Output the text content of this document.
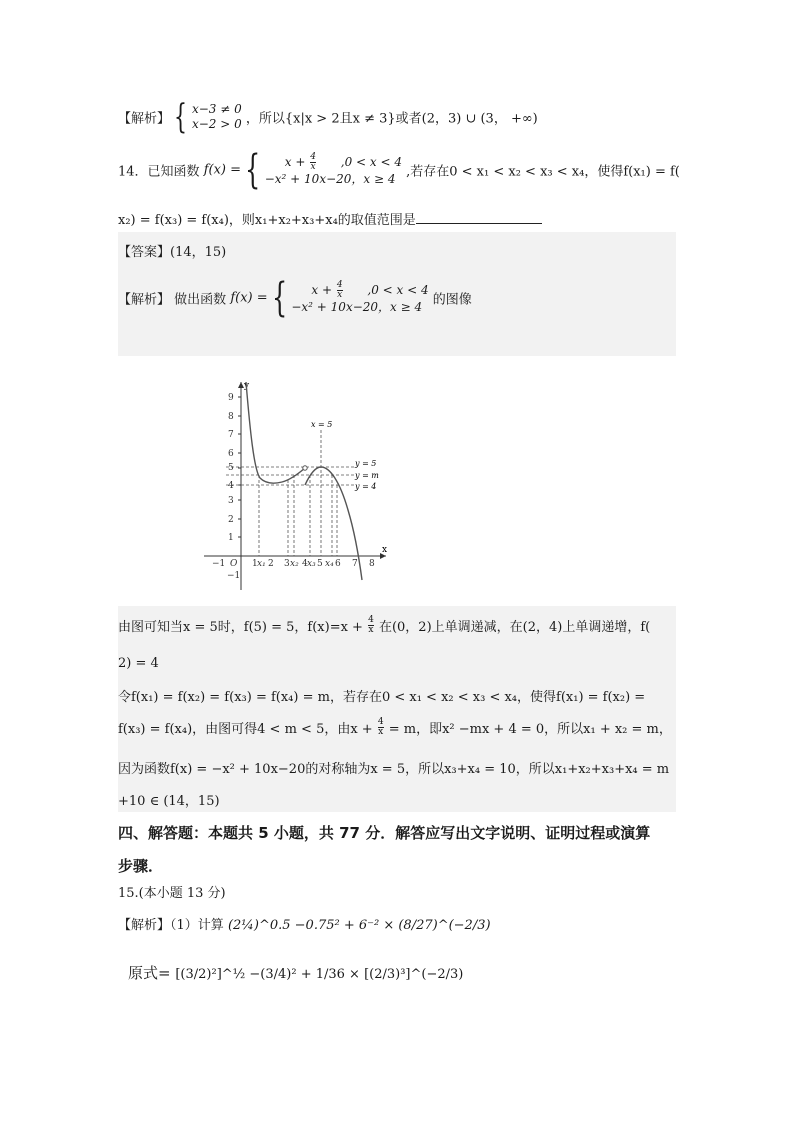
【解析】 { x−3 ≠ 0
x−2 > 0 ，所以{x|x > 2且x ≠ 3}或者(2，3) ∪ (3， +∞)
14．已知函数 f(x) = {	$x + \frac{4}{x} ,0 < x < 4$
−x² + 10x−20，x ≥ 4 ,若存在0 < x₁ < x₂ < x₃ < x₄，使得f(x₁) = f(
x₂) = f(x₃) = f(x₄)，则x₁+x₂+x₃+x₄的取值范围是
【答案】(14，15)
【解析】 做出函数 f(x) = {	$x + \frac{4}{x} ,0 < x < 4$
−x² + 10x−20，x ≥ 4 的图像
x
y
9
8
7
6
5
4
3
2
1
−1
−1 O 1 x₁ 2 3 x₂ 4 x₃ 5 x₄ 6 7 8
y = 5
y = m
y = 4
x = 5
由图可知当x = 5时，f(5) = 5，$f(x)=x + \frac{4}{x}$ 在(0，2)上单调递减，在(2，4)上单调递增，f(
2) = 4
令f(x₁) = f(x₂) = f(x₃) = f(x₄) = m，若存在0 < x₁ < x₂ < x₃ < x₄，使得f(x₁) = f(x₂) =
f(x₃) = f(x₄)，由图可得4 < m < 5，由$x + \frac{4}{x} = m$，即x² −mx + 4 = 0，所以x₁ + x₂ = m，
因为函数f(x) = −x² + 10x−20的对称轴为x = 5，所以x₃+x₄ = 10，所以x₁+x₂+x₃+x₄ = m
+10 ∈ (14，15)
四、解答题：本题共 5 小题，共 77 分．解答应写出文字说明、证明过程或演算
步骤．
15.(本小题 13 分)
【解析】（1）计算 (2¼)^0.5 −0.75² + 6⁻² × (8/27)^(−2/3)
原式= [(3/2)²]^½ −(3/4)² + 1/36 × [(2/3)³]^(−2/3)
